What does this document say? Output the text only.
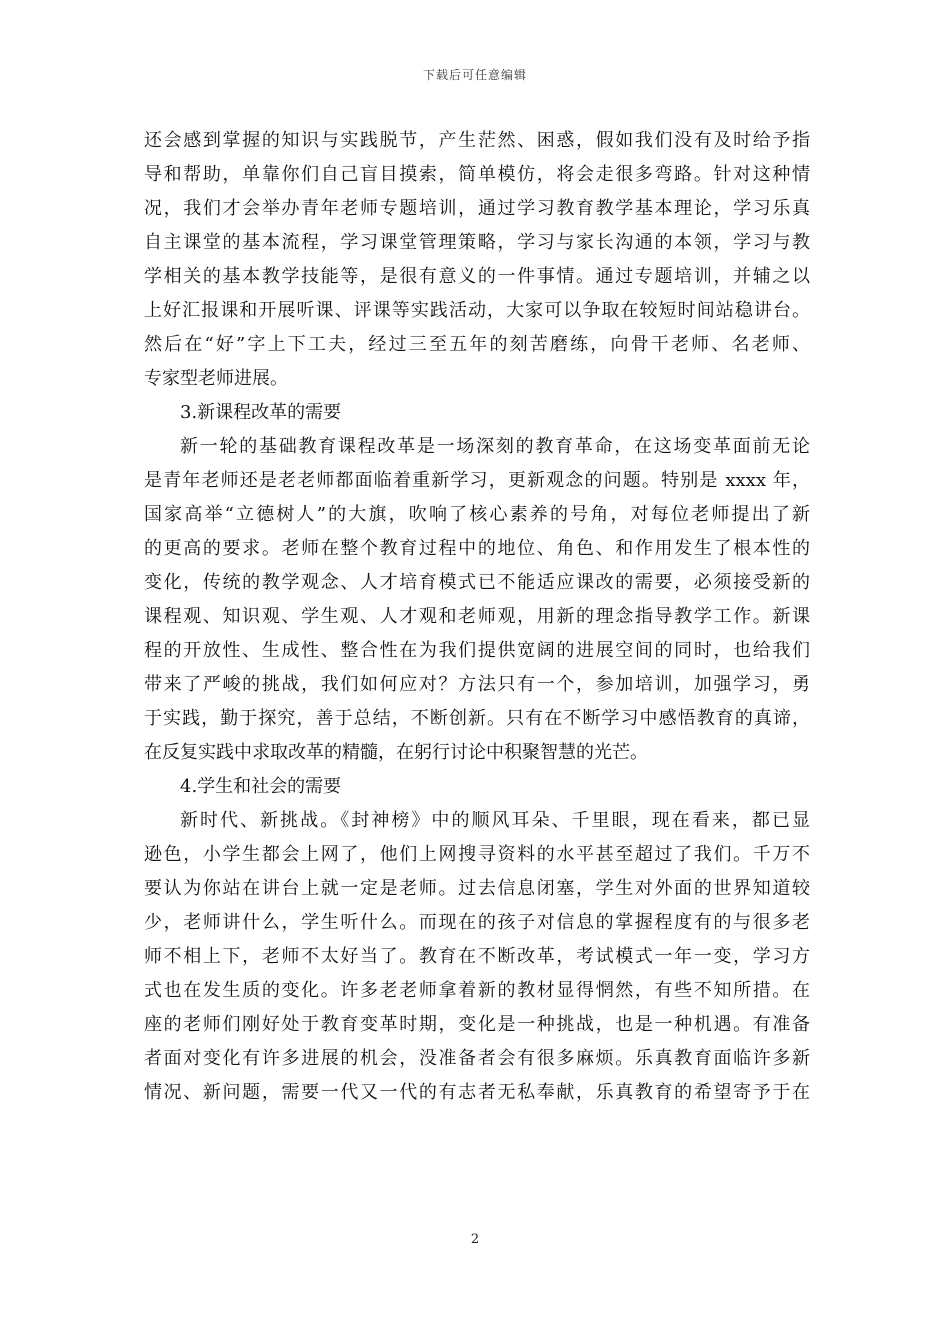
下载后可任意编辑
还会感到掌握的知识与实践脱节，产生茫然、困惑，假如我们没有及时给予指
导和帮助，单靠你们自己盲目摸索，简单模仿，将会走很多弯路。针对这种情
况，我们才会举办青年老师专题培训，通过学习教育教学基本理论，学习乐真
自主课堂的基本流程，学习课堂管理策略，学习与家长沟通的本领，学习与教
学相关的基本教学技能等，是很有意义的一件事情。通过专题培训，并辅之以
上好汇报课和开展听课、评课等实践活动，大家可以争取在较短时间站稳讲台。
然后在“好”字上下工夫，经过三至五年的刻苦磨练，向骨干老师、名老师、
专家型老师进展。
3.新课程改革的需要
新一轮的基础教育课程改革是一场深刻的教育革命，在这场变革面前无论
是青年老师还是老老师都面临着重新学习，更新观念的问题。特别是 xxxx 年，
国家高举“立德树人”的大旗，吹响了核心素养的号角，对每位老师提出了新
的更高的要求。老师在整个教育过程中的地位、角色、和作用发生了根本性的
变化，传统的教学观念、人才培育模式已不能适应课改的需要，必须接受新的
课程观、知识观、学生观、人才观和老师观，用新的理念指导教学工作。新课
程的开放性、生成性、整合性在为我们提供宽阔的进展空间的同时，也给我们
带来了严峻的挑战，我们如何应对？方法只有一个，参加培训，加强学习，勇
于实践，勤于探究，善于总结，不断创新。只有在不断学习中感悟教育的真谛，
在反复实践中求取改革的精髓，在躬行讨论中积聚智慧的光芒。
4.学生和社会的需要
新时代、新挑战。《封神榜》中的顺风耳朵、千里眼，现在看来，都已显
逊色，小学生都会上网了，他们上网搜寻资料的水平甚至超过了我们。千万不
要认为你站在讲台上就一定是老师。过去信息闭塞，学生对外面的世界知道较
少，老师讲什么，学生听什么。而现在的孩子对信息的掌握程度有的与很多老
师不相上下，老师不太好当了。教育在不断改革，考试模式一年一变，学习方
式也在发生质的变化。许多老老师拿着新的教材显得惘然，有些不知所措。在
座的老师们刚好处于教育变革时期，变化是一种挑战，也是一种机遇。有准备
者面对变化有许多进展的机会，没准备者会有很多麻烦。乐真教育面临许多新
情况、新问题，需要一代又一代的有志者无私奉献，乐真教育的希望寄予于在
2
